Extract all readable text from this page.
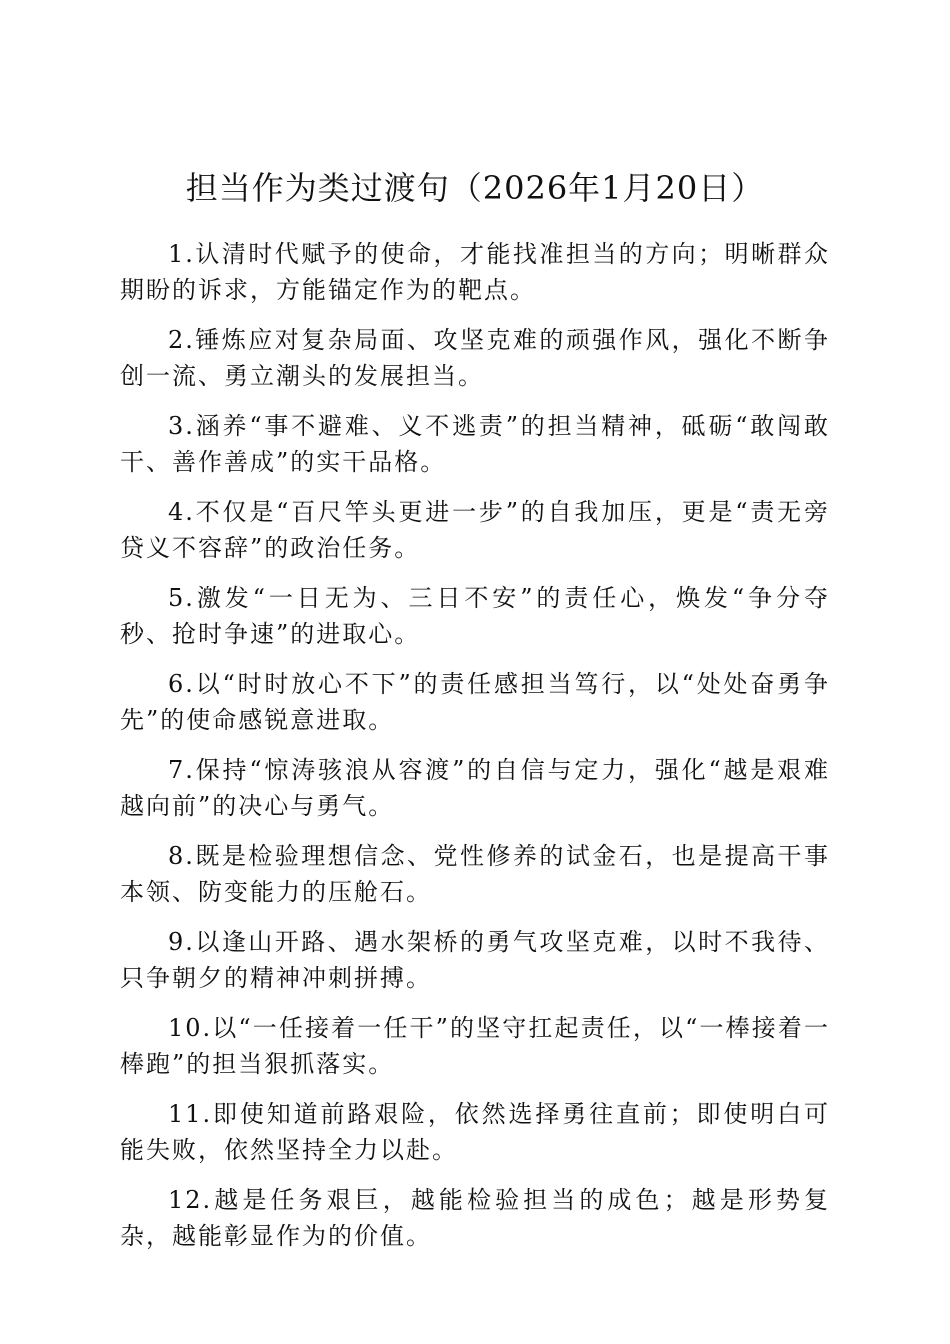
担当作为类过渡句（2026年1月20日）

1.认清时代赋予的使命，才能找准担当的方向；明晰群众期盼的诉求，方能锚定作为的靶点。

2.锤炼应对复杂局面、攻坚克难的顽强作风，强化不断争创一流、勇立潮头的发展担当。

3.涵养“事不避难、义不逃责”的担当精神，砥砺“敢闯敢干、善作善成”的实干品格。

4.不仅是“百尺竿头更进一步”的自我加压，更是“责无旁贷义不容辞”的政治任务。

5.激发“一日无为、三日不安”的责任心，焕发“争分夺秒、抢时争速”的进取心。

6.以“时时放心不下”的责任感担当笃行，以“处处奋勇争先”的使命感锐意进取。

7.保持“惊涛骇浪从容渡”的自信与定力，强化“越是艰难越向前”的决心与勇气。

8.既是检验理想信念、党性修养的试金石，也是提高干事本领、防变能力的压舱石。

9.以逢山开路、遇水架桥的勇气攻坚克难，以时不我待、只争朝夕的精神冲刺拼搏。

10.以“一任接着一任干”的坚守扛起责任，以“一棒接着一棒跑”的担当狠抓落实。

11.即使知道前路艰险，依然选择勇往直前；即使明白可能失败，依然坚持全力以赴。

12.越是任务艰巨，越能检验担当的成色；越是形势复杂，越能彰显作为的价值。
